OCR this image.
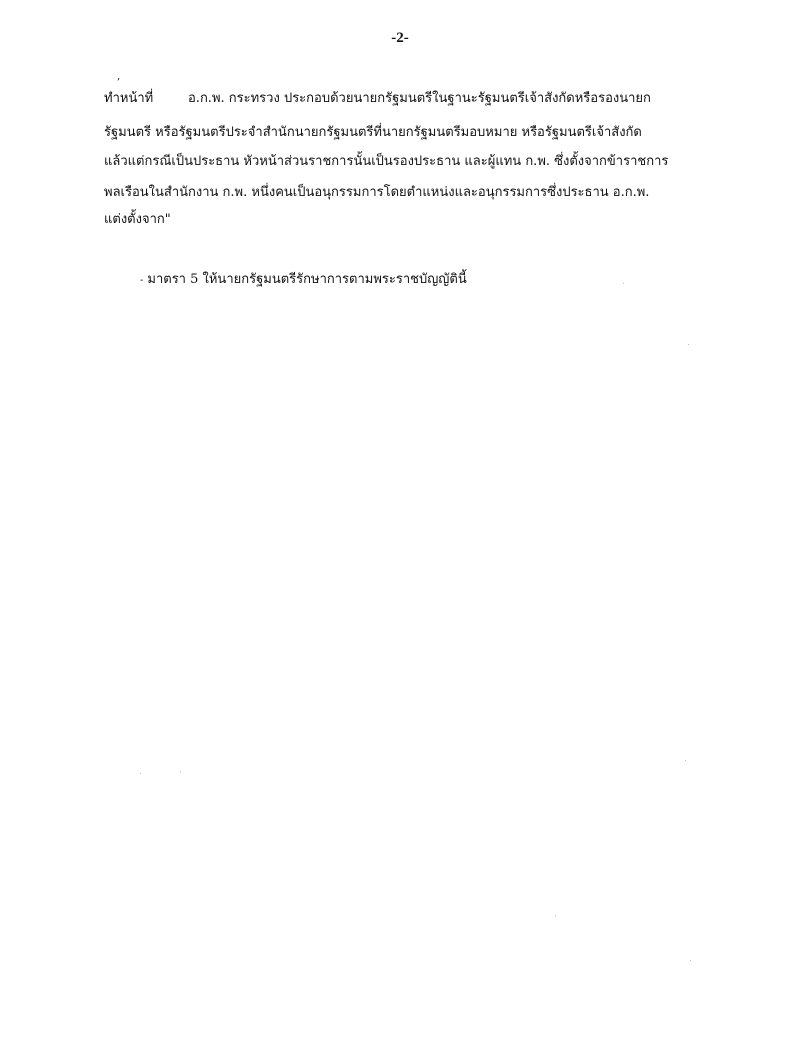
-2-
,
ทำหน้าที่	อ.ก.พ. กระทรวง ประกอบด้วยนายกรัฐมนตรีในฐานะรัฐมนตรีเจ้าสังกัดหรือรองนายก
รัฐมนตรี หรือรัฐมนตรีประจำสำนักนายกรัฐมนตรีที่นายกรัฐมนตรีมอบหมาย หรือรัฐมนตรีเจ้าสังกัด
แล้วแต่กรณีเป็นประธาน หัวหน้าส่วนราชการนั้นเป็นรองประธาน และผู้แทน ก.พ. ซึ่งตั้งจากข้าราชการ
พลเรือนในสำนักงาน ก.พ. หนึ่งคนเป็นอนุกรรมการโดยตำแหน่งและอนุกรรมการซึ่งประธาน อ.ก.พ.
แต่งตั้งจาก"
- มาตรา 5 ให้นายกรัฐมนตรีรักษาการตามพระราชบัญญัตินี้
